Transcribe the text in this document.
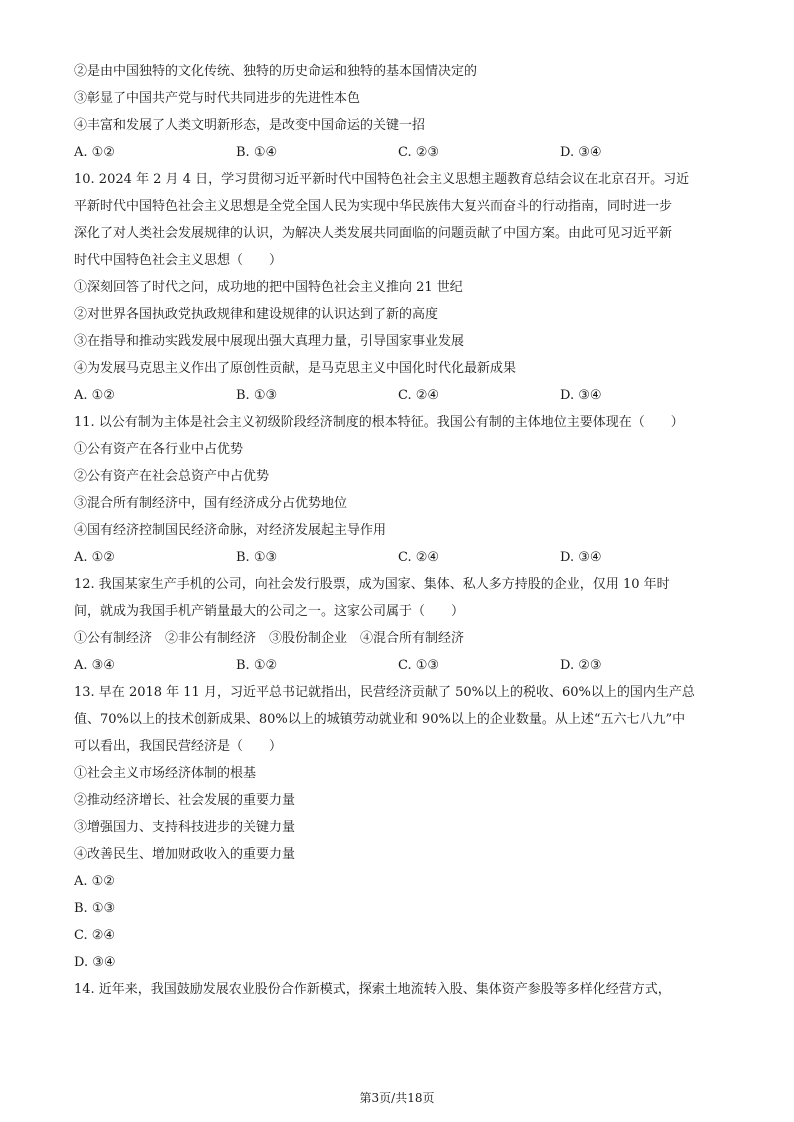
②是由中国独特的文化传统、独特的历史命运和独特的基本国情决定的
③彰显了中国共产党与时代共同进步的先进性本色
④丰富和发展了人类文明新形态，是改变中国命运的关键一招
A. ①②	B. ①④	C. ②③	D. ③④
10. 2024 年 2 月 4 日，学习贯彻习近平新时代中国特色社会主义思想主题教育总结会议在北京召开。习近
平新时代中国特色社会主义思想是全党全国人民为实现中华民族伟大复兴而奋斗的行动指南，同时进一步
深化了对人类社会发展规律的认识，为解决人类发展共同面临的问题贡献了中国方案。由此可见习近平新
时代中国特色社会主义思想（　　）
①深刻回答了时代之问，成功地的把中国特色社会主义推向 21 世纪
②对世界各国执政党执政规律和建设规律的认识达到了新的高度
③在指导和推动实践发展中展现出强大真理力量，引导国家事业发展
④为发展马克思主义作出了原创性贡献，是马克思主义中国化时代化最新成果
A. ①②	B. ①③	C. ②④	D. ③④
11. 以公有制为主体是社会主义初级阶段经济制度的根本特征。我国公有制的主体地位主要体现在（　　）
①公有资产在各行业中占优势
②公有资产在社会总资产中占优势
③混合所有制经济中，国有经济成分占优势地位
④国有经济控制国民经济命脉，对经济发展起主导作用
A. ①②	B. ①③	C. ②④	D. ③④
12. 我国某家生产手机的公司，向社会发行股票，成为国家、集体、私人多方持股的企业，仅用 10 年时
间，就成为我国手机产销量最大的公司之一。这家公司属于（　　）
①公有制经济　②非公有制经济　③股份制企业　④混合所有制经济
A. ③④	B. ①②	C. ①③	D. ②③
13. 早在 2018 年 11 月，习近平总书记就指出，民营经济贡献了 50%以上的税收、60%以上的国内生产总
值、70%以上的技术创新成果、80%以上的城镇劳动就业和 90%以上的企业数量。从上述“五六七八九”中
可以看出，我国民营经济是（　　）
①社会主义市场经济体制的根基
②推动经济增长、社会发展的重要力量
③增强国力、支持科技进步的关键力量
④改善民生、增加财政收入的重要力量
A. ①②
B. ①③
C. ②④
D. ③④
14. 近年来，我国鼓励发展农业股份合作新模式，探索土地流转入股、集体资产参股等多样化经营方式，
第3页/共18页
